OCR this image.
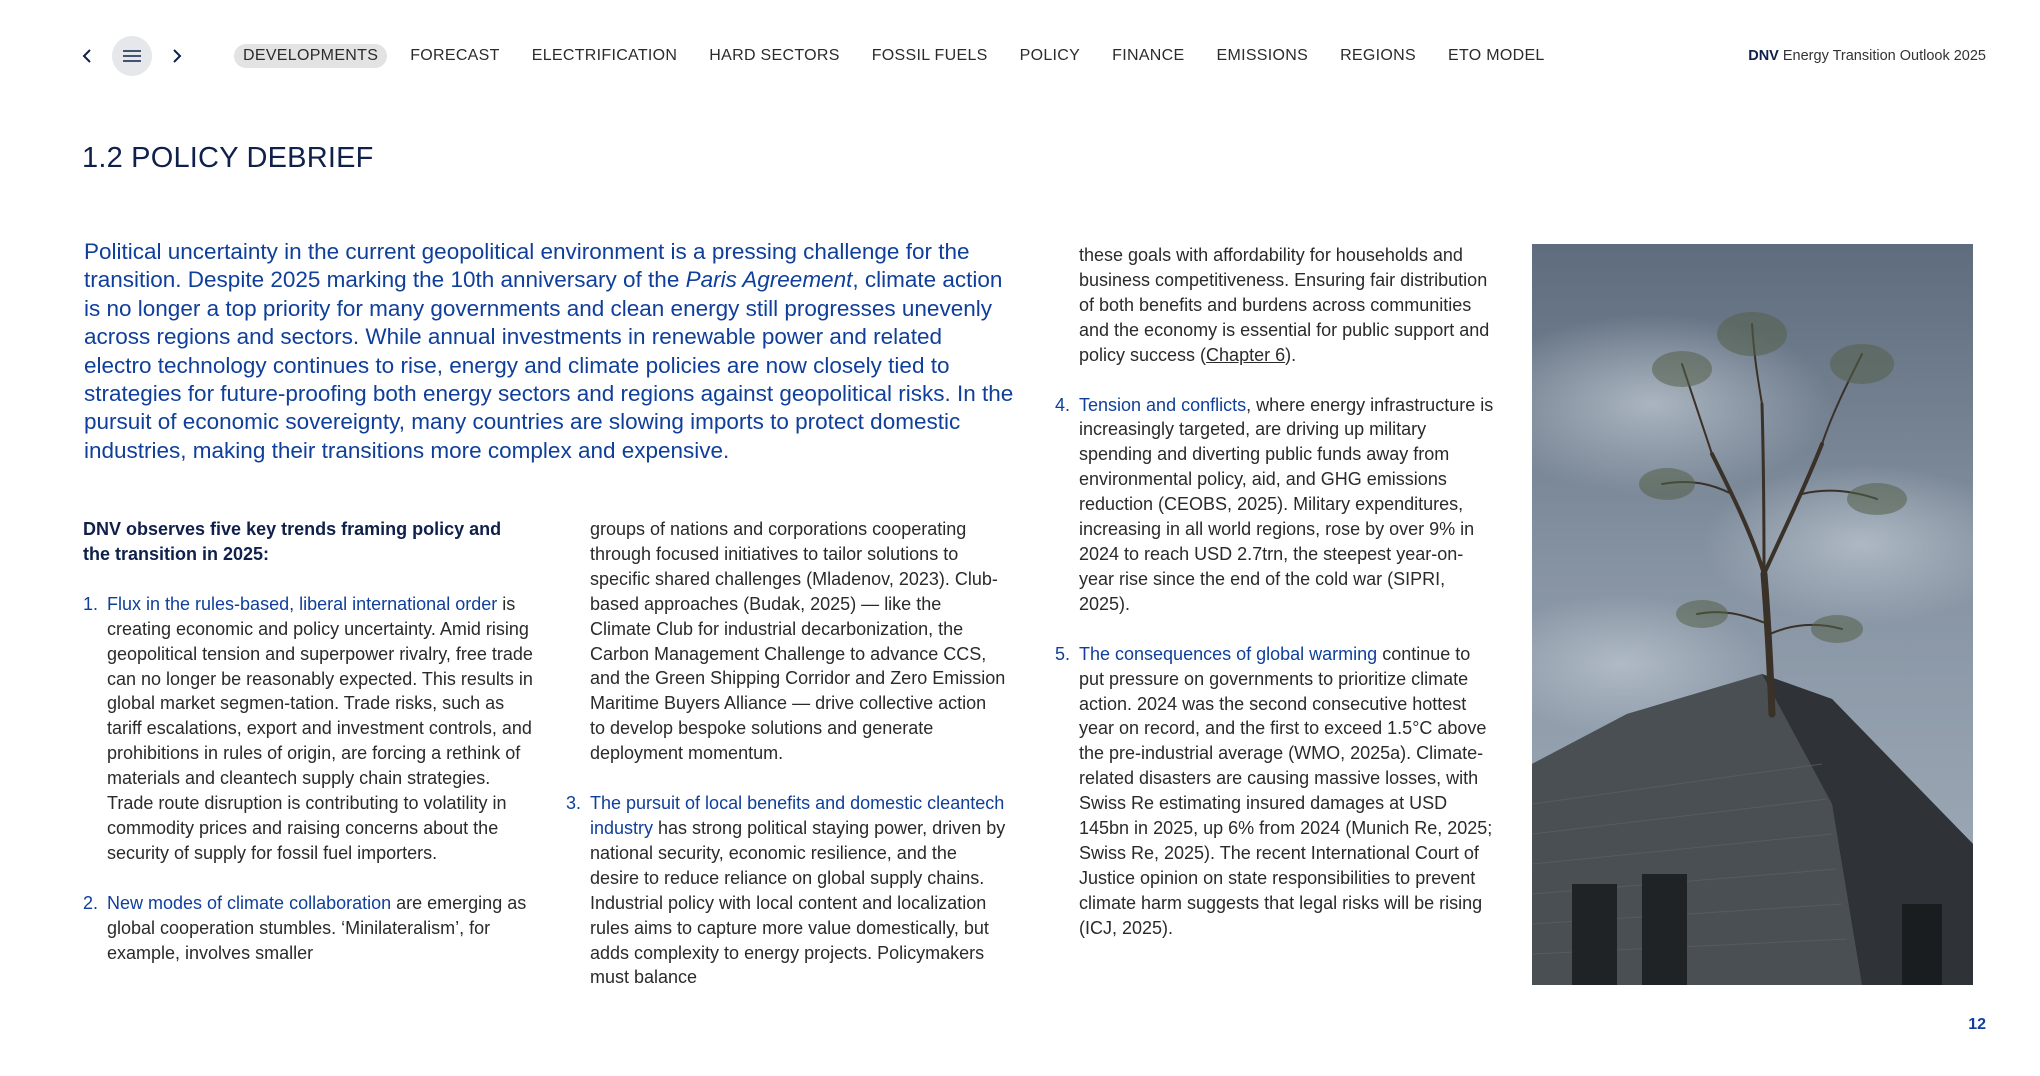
DEVELOPMENTS	FORECAST	ELECTRIFICATION	HARD SECTORS	FOSSIL FUELS	POLICY	FINANCE	EMISSIONS	REGIONS	ETO MODEL	DNV Energy Transition Outlook 2025
1.2 POLICY DEBRIEF
Political uncertainty in the current geopolitical environment is a pressing challenge for the transition. Despite 2025 marking the 10th anniversary of the Paris Agreement, climate action is no longer a top priority for many governments and clean energy still progresses unevenly across regions and sectors. While annual investments in renewable power and related electro technology continues to rise, energy and climate policies are now closely tied to strategies for future-proofing both energy sectors and regions against geopolitical risks. In the pursuit of economic sovereignty, many countries are slowing imports to protect domestic industries, making their transitions more complex and expensive.

DNV observes five key trends framing policy and the transition in 2025:

1. Flux in the rules-based, liberal international order is creating economic and policy uncertainty. Amid rising geopolitical tension and superpower rivalry, free trade can no longer be reasonably expected. This results in global market segmen-tation. Trade risks, such as tariff escalations, export and investment controls, and prohibitions in rules of origin, are forcing a rethink of materials and cleantech supply chain strategies. Trade route disruption is contributing to volatility in commodity prices and raising concerns about the security of supply for fossil fuel importers.
2. New modes of climate collaboration are emerging as global cooperation stumbles. ‘Minilateralism’, for example, involves smaller
groups of nations and corporations cooperating through focused initiatives to tailor solutions to specific shared challenges (Mladenov, 2023). Club-based approaches (Budak, 2025) — like the Climate Club for industrial decarbonization, the Carbon Management Challenge to advance CCS, and the Green Shipping Corridor and Zero Emission Maritime Buyers Alliance — drive collective action to develop bespoke solutions and generate deployment momentum.
3. The pursuit of local benefits and domestic cleantech industry has strong political staying power, driven by national security, economic resilience, and the desire to reduce reliance on global supply chains. Industrial policy with local content and localization rules aims to capture more value domestically, but adds complexity to energy projects. Policymakers must balance
these goals with affordability for households and business competitiveness. Ensuring fair distribution of both benefits and burdens across communities and the economy is essential for public support and policy success (Chapter 6).
4. Tension and conflicts, where energy infrastructure is increasingly targeted, are driving up military spending and diverting public funds away from environmental policy, aid, and GHG emissions reduction (CEOBS, 2025). Military expenditures, increasing in all world regions, rose by over 9% in 2024 to reach USD 2.7trn, the steepest year-on-year rise since the end of the cold war (SIPRI, 2025).
5. The consequences of global warming continue to put pressure on governments to prioritize climate action. 2024 was the second consecutive hottest year on record, and the first to exceed 1.5°C above the pre-industrial average (WMO, 2025a). Climate-related disasters are causing massive losses, with Swiss Re estimating insured damages at USD 145bn in 2025, up 6% from 2024 (Munich Re, 2025; Swiss Re, 2025). The recent International Court of Justice opinion on state responsibilities to prevent climate harm suggests that legal risks will be rising (ICJ, 2025).
12
